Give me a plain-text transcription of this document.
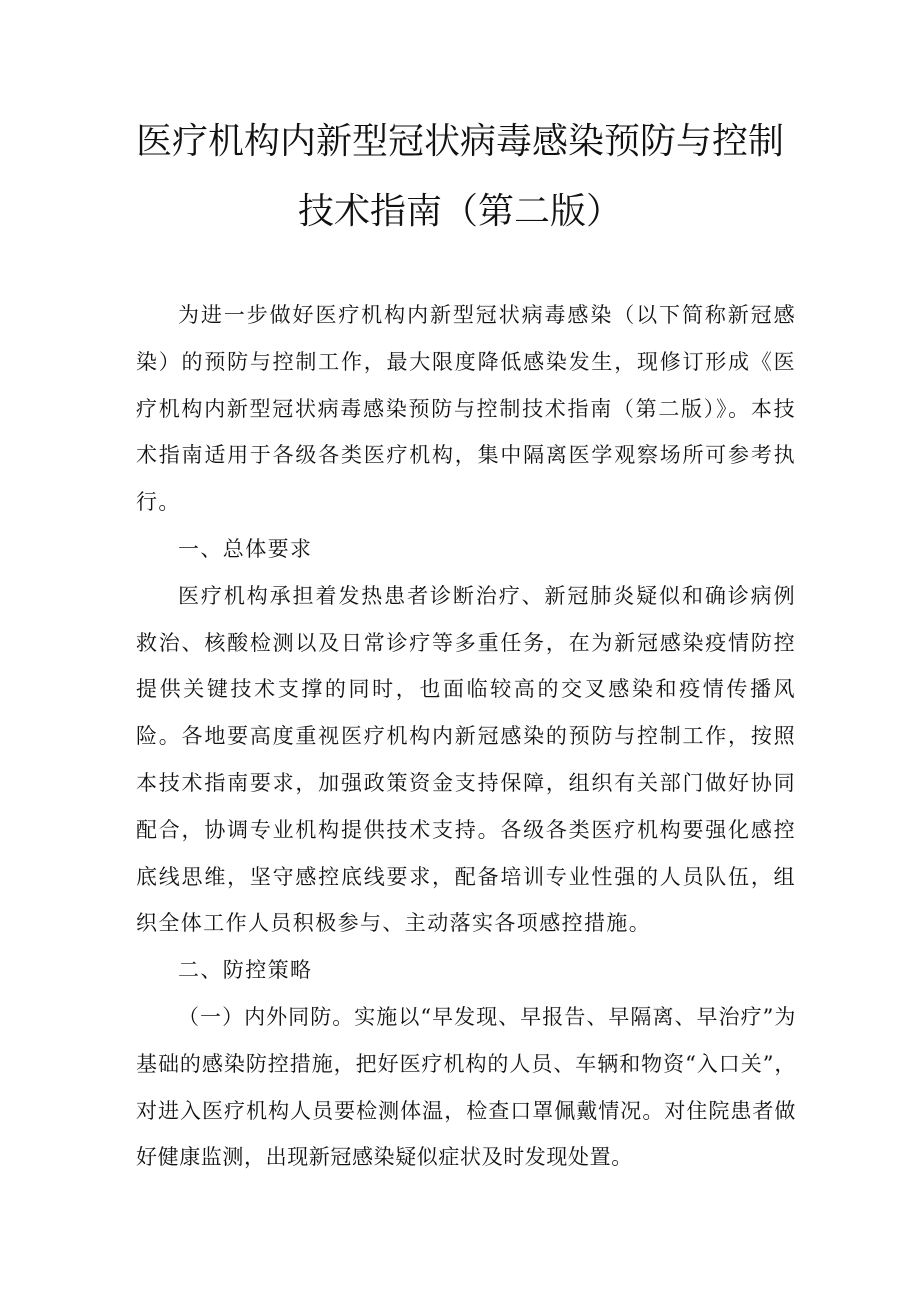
医疗机构内新型冠状病毒感染预防与控制
技术指南（第二版）

为进一步做好医疗机构内新型冠状病毒感染（以下简称新冠感染）的预防与控制工作，最大限度降低感染发生，现修订形成《医疗机构内新型冠状病毒感染预防与控制技术指南（第二版）》。本技术指南适用于各级各类医疗机构，集中隔离医学观察场所可参考执行。

一、总体要求

医疗机构承担着发热患者诊断治疗、新冠肺炎疑似和确诊病例救治、核酸检测以及日常诊疗等多重任务，在为新冠感染疫情防控提供关键技术支撑的同时，也面临较高的交叉感染和疫情传播风险。各地要高度重视医疗机构内新冠感染的预防与控制工作，按照本技术指南要求，加强政策资金支持保障，组织有关部门做好协同配合，协调专业机构提供技术支持。各级各类医疗机构要强化感控底线思维，坚守感控底线要求，配备培训专业性强的人员队伍，组织全体工作人员积极参与、主动落实各项感控措施。

二、防控策略

（一）内外同防。实施以“早发现、早报告、早隔离、早治疗”为基础的感染防控措施，把好医疗机构的人员、车辆和物资“入口关”，对进入医疗机构人员要检测体温，检查口罩佩戴情况。对住院患者做好健康监测，出现新冠感染疑似症状及时发现处置。
